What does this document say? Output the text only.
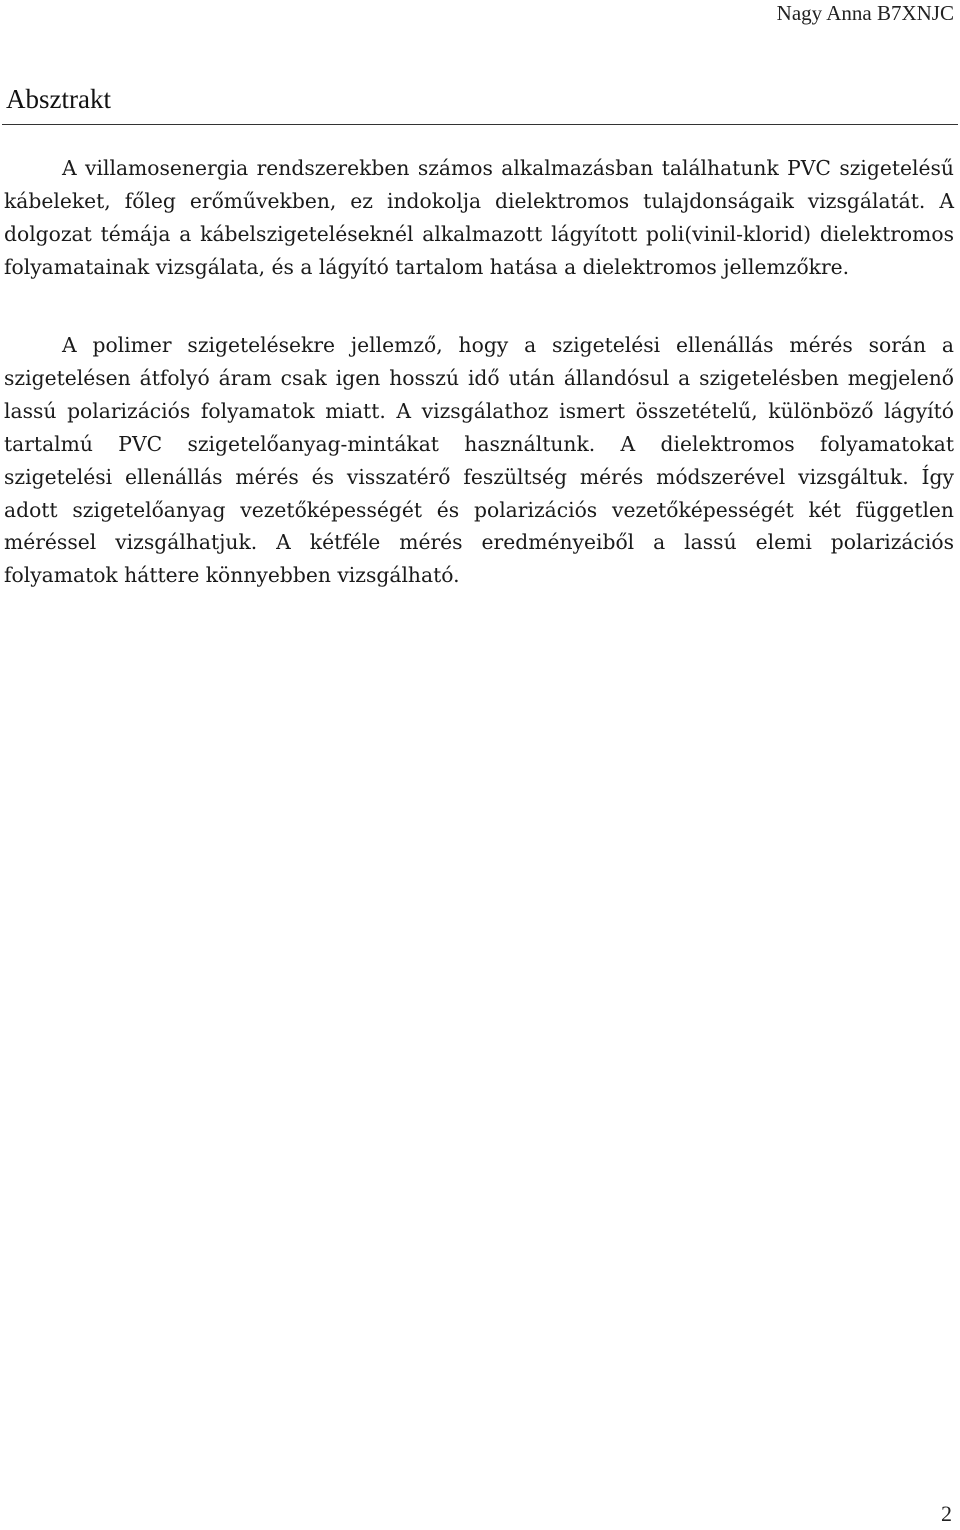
Nagy Anna B7XNJC
Absztrakt

A villamosenergia rendszerekben számos alkalmazásban találhatunk PVC szigetelésű kábeleket, főleg erőművekben, ez indokolja dielektromos tulajdonságaik vizsgálatát. A dolgozat témája a kábelszigeteléseknél alkalmazott lágyított poli(vinil-klorid) dielektromos folyamatainak vizsgálata, és a lágyító tartalom hatása a dielektromos jellemzőkre.

A polimer szigetelésekre jellemző, hogy a szigetelési ellenállás mérés során a szigetelésen átfolyó áram csak igen hosszú idő után állandósul a szigetelésben megjelenő lassú polarizációs folyamatok miatt. A vizsgálathoz ismert összetételű, különböző lágyító tartalmú PVC szigetelőanyag-mintákat használtunk. A dielektromos folyamatokat szigetelési ellenállás mérés és visszatérő feszültség mérés módszerével vizsgáltuk. Így adott szigetelőanyag vezetőképességét és polarizációs vezetőképességét két független méréssel vizsgálhatjuk. A kétféle mérés eredményeiből a lassú elemi polarizációs folyamatok háttere könnyebben vizsgálható.

2
